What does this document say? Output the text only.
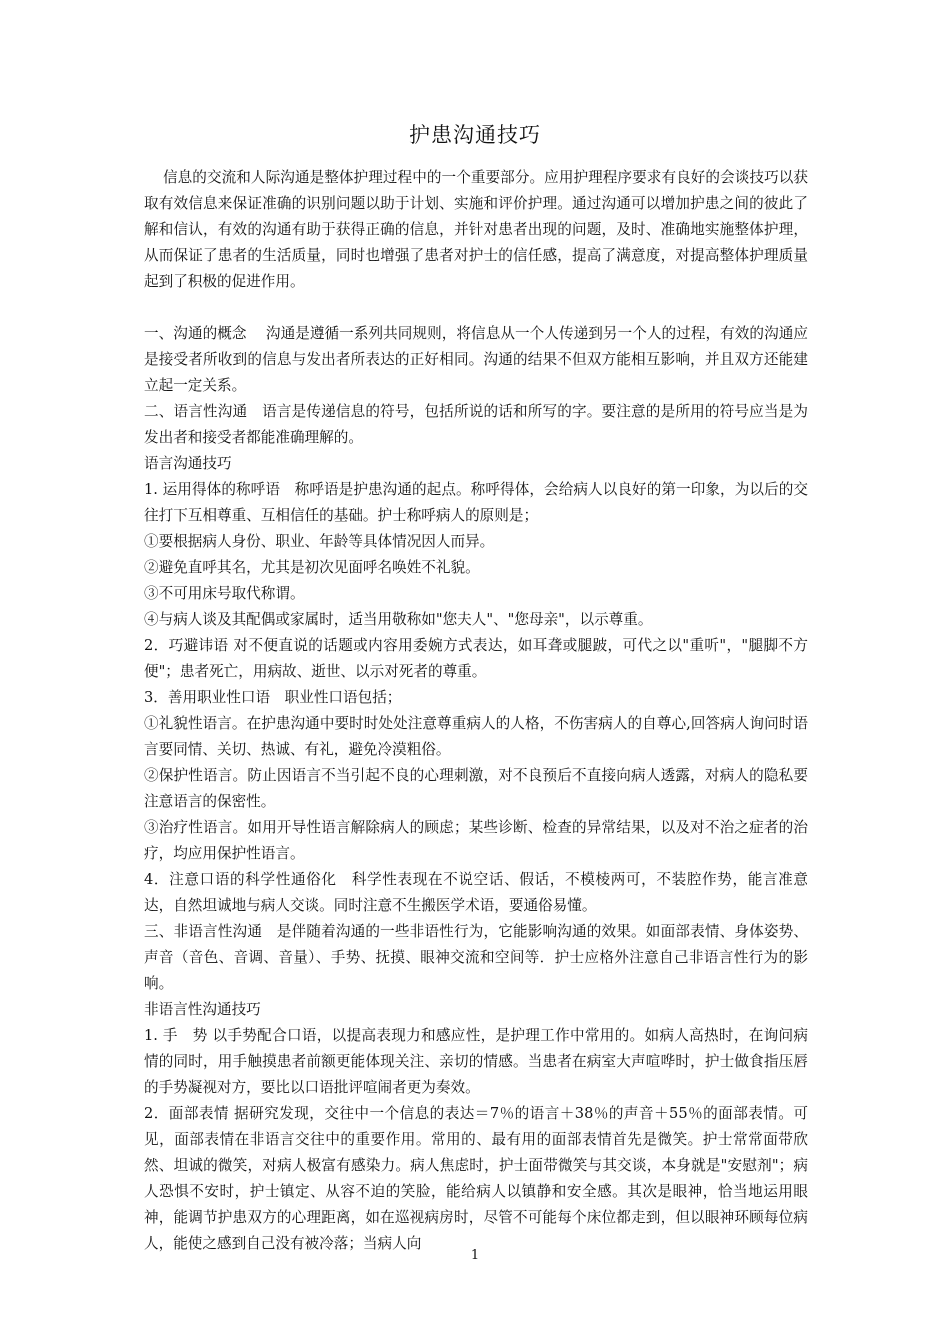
护患沟通技巧

信息的交流和人际沟通是整体护理过程中的一个重要部分。应用护理程序要求有良好的会谈技巧以获取有效信息来保证准确的识别问题以助于计划、实施和评价护理。通过沟通可以增加护患之间的彼此了解和信认，有效的沟通有助于获得正确的信息，并针对患者出现的问题，及时、准确地实施整体护理，从而保证了患者的生活质量，同时也增强了患者对护士的信任感，提高了满意度，对提高整体护理质量起到了积极的促进作用。

一、沟通的概念　 沟通是遵循一系列共同规则，将信息从一个人传递到另一个人的过程，有效的沟通应是接受者所收到的信息与发出者所表达的正好相同。沟通的结果不但双方能相互影响，并且双方还能建立起一定关系。

二、语言性沟通　语言是传递信息的符号，包括所说的话和所写的字。要注意的是所用的符号应当是为发出者和接受者都能准确理解的。

语言沟通技巧

1. 运用得体的称呼语　称呼语是护患沟通的起点。称呼得体，会给病人以良好的第一印象，为以后的交往打下互相尊重、互相信任的基础。护士称呼病人的原则是；

①要根据病人身份、职业、年龄等具体情况因人而异。

②避免直呼其名，尤其是初次见面呼名唤姓不礼貌。

③不可用床号取代称谓。

④与病人谈及其配偶或家属时，适当用敬称如"您夫人"、"您母亲"，以示尊重。

2．巧避讳语 对不便直说的话题或内容用委婉方式表达，如耳聋或腿跛，可代之以"重听"，"腿脚不方便"；患者死亡，用病故、逝世、以示对死者的尊重。

3．善用职业性口语　职业性口语包括；

①礼貌性语言。在护患沟通中要时时处处注意尊重病人的人格，不伤害病人的自尊心,回答病人询问时语言要同情、关切、热诚、有礼，避免冷漠粗俗。

②保护性语言。防止因语言不当引起不良的心理刺激，对不良预后不直接向病人透露，对病人的隐私要注意语言的保密性。

③治疗性语言。如用开导性语言解除病人的顾虑；某些诊断、检查的异常结果，以及对不治之症者的治疗，均应用保护性语言。

4．注意口语的科学性通俗化　科学性表现在不说空话、假话，不模棱两可，不装腔作势，能言准意达，自然坦诚地与病人交谈。同时注意不生搬医学术语，要通俗易懂。

三、非语言性沟通　是伴随着沟通的一些非语性行为，它能影响沟通的效果。如面部表情、身体姿势、声音（音色、音调、音量）、手势、抚摸、眼神交流和空间等．护士应格外注意自己非语言性行为的影响。

非语言性沟通技巧

1. 手　势 以手势配合口语，以提高表现力和感应性，是护理工作中常用的。如病人高热时，在询问病情的同时，用手触摸患者前额更能体现关注、亲切的情感。当患者在病室大声喧哗时，护士做食指压唇的手势凝视对方，要比以口语批评喧闹者更为奏效。

2．面部表情 据研究发现，交往中一个信息的表达＝7％的语言＋38％的声音＋55％的面部表情。可见，面部表情在非语言交往中的重要作用。常用的、最有用的面部表情首先是微笑。护士常常面带欣然、坦诚的微笑，对病人极富有感染力。病人焦虑时，护士面带微笑与其交谈，本身就是"安慰剂"；病人恐惧不安时，护士镇定、从容不迫的笑脸，能给病人以镇静和安全感。其次是眼神，恰当地运用眼神，能调节护患双方的心理距离，如在巡视病房时，尽管不可能每个床位都走到，但以眼神环顾每位病人，能使之感到自己没有被冷落；当病人向

1
